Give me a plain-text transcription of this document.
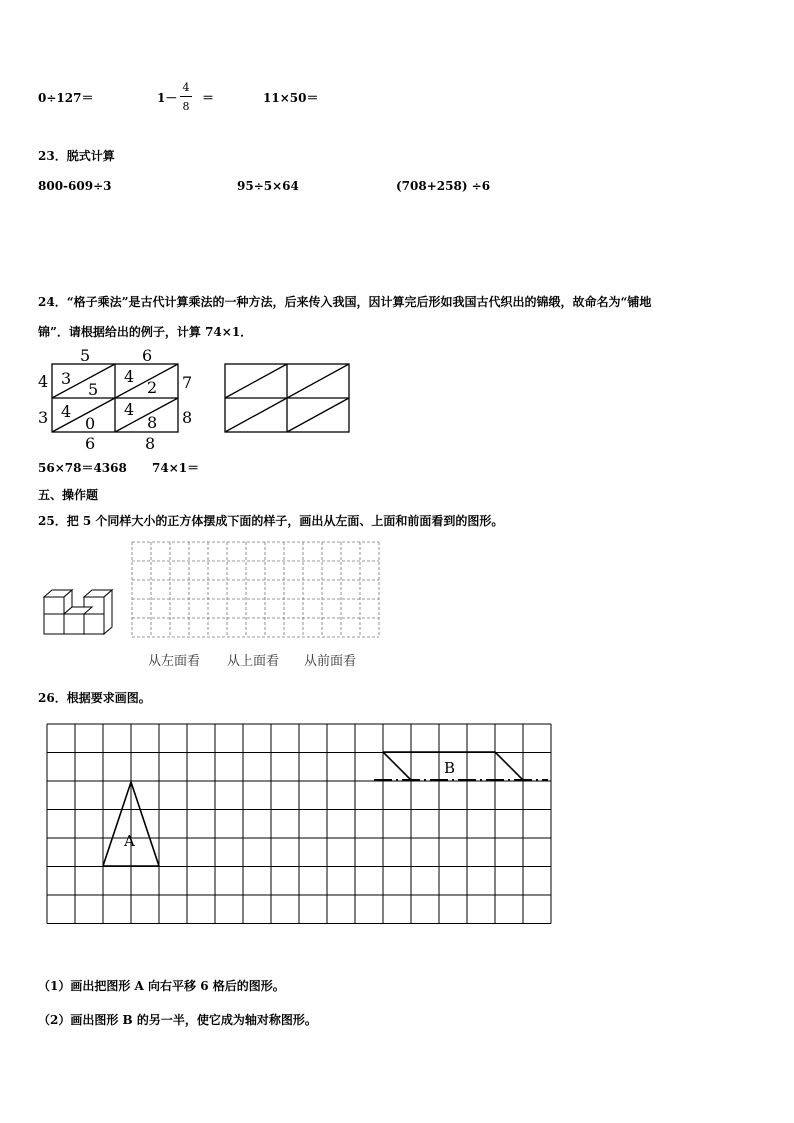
0÷127＝	1－
4
8
＝	11×50＝
23．脱式计算
800-609÷3	95÷5×64	(708+258) ÷6
24．“格子乘法”是古代计算乘法的一种方法，后来传入我国，因计算完后形如我国古代织出的锦缎，故命名为“铺地
锦”．请根据给出的例子，计算 74×1．
5	6
4
3
7
8
6	8
3
5
4
2
4
0
4
8
56×78＝4368 74×1＝
五、操作题
25．把 5 个同样大小的正方体摆成下面的样子，画出从左面、上面和前面看到的图形。
从左面看 从上面看 从前面看
26．根据要求画图。
A
B
（1）画出把图形 A 向右平移 6 格后的图形。
（2）画出图形 B 的另一半，使它成为轴对称图形。
